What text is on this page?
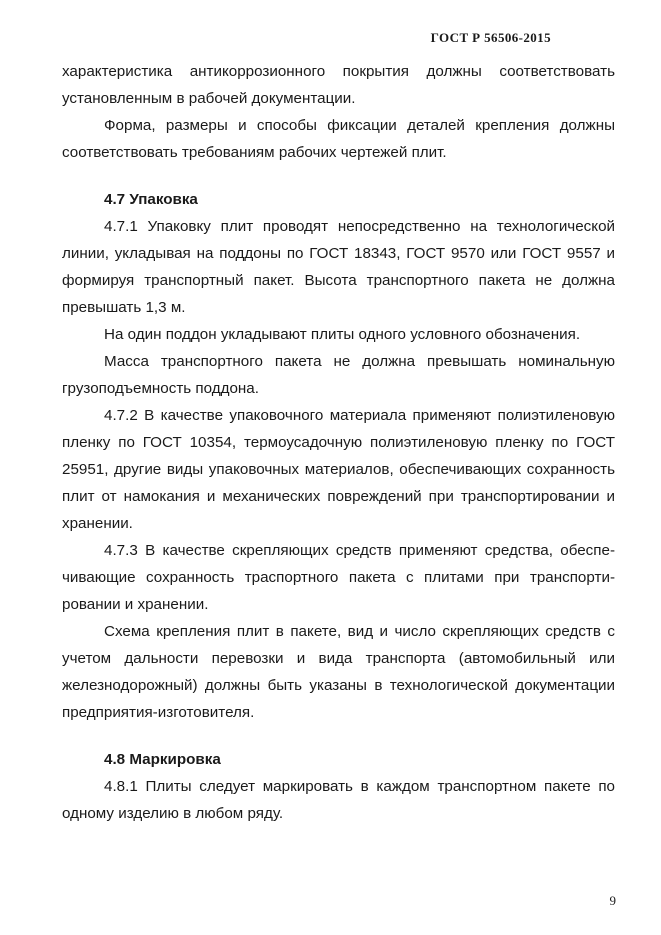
ГОСТ Р 56506-2015

характеристика антикоррозионного покрытия должны соответствовать установленным в рабочей документации.

Форма, размеры и способы фиксации деталей крепления должны соответствовать требованиям рабочих чертежей плит.

4.7 Упаковка

4.7.1 Упаковку плит проводят непосредственно на технологической линии, укладывая на поддоны по ГОСТ 18343, ГОСТ 9570 или ГОСТ 9557 и формируя транспортный пакет. Высота транспортного пакета не должна превышать 1,3 м.

На один поддон укладывают плиты одного условного обозначения.

Масса транспортного пакета не должна превышать номинальную грузоподъемность поддона.

4.7.2 В качестве упаковочного материала применяют полиэтиленовую пленку по ГОСТ 10354, термоусадочную полиэтиленовую пленку по ГОСТ 25951, другие виды упаковочных материалов, обеспечивающих сохранность плит от намокания и механических повреждений при транспортировании и хранении.

4.7.3 В качестве скрепляющих средств применяют средства, обеспечивающие сохранность траспортного пакета с плитами при транспортировании и хранении.

Схема крепления плит в пакете, вид и число скрепляющих средств с учетом дальности перевозки и вида транспорта (автомобильный или железнодорожный) должны быть указаны в технологической документации предприятия-изготовителя.

4.8 Маркировка

4.8.1 Плиты следует маркировать в каждом транспортном пакете по одному изделию в любом ряду.

9
